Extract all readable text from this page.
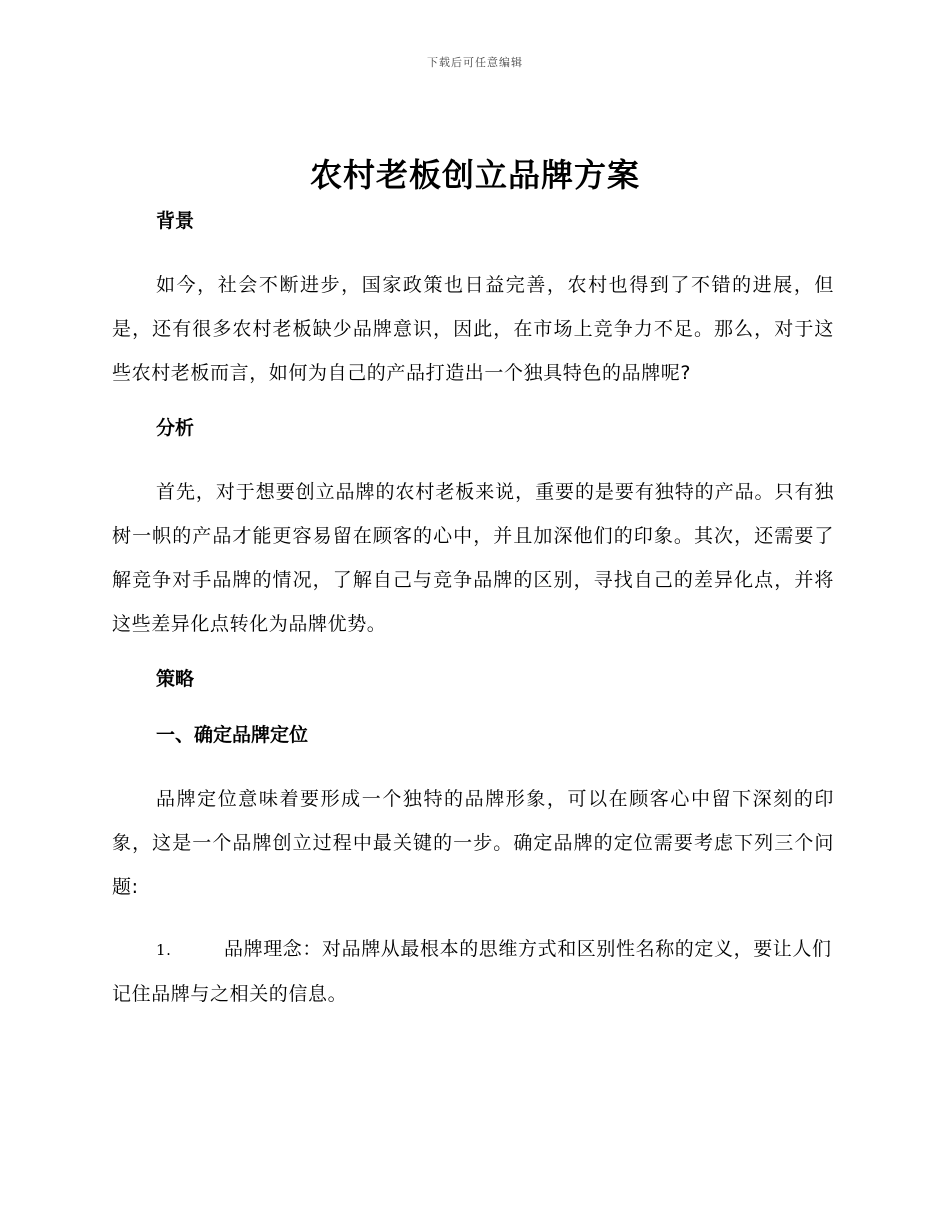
下载后可任意编辑
农村老板创立品牌方案

背景

如今，社会不断进步，国家政策也日益完善，农村也得到了不错的进展，但是，还有很多农村老板缺少品牌意识，因此，在市场上竞争力不足。那么，对于这些农村老板而言，如何为自己的产品打造出一个独具特色的品牌呢?

分析

首先，对于想要创立品牌的农村老板来说，重要的是要有独特的产品。只有独树一帜的产品才能更容易留在顾客的心中，并且加深他们的印象。其次，还需要了解竞争对手品牌的情况，了解自己与竞争品牌的区别，寻找自己的差异化点，并将这些差异化点转化为品牌优势。

策略

一、确定品牌定位

品牌定位意味着要形成一个独特的品牌形象，可以在顾客心中留下深刻的印象，这是一个品牌创立过程中最关键的一步。确定品牌的定位需要考虑下列三个问题:

1.	品牌理念：对品牌从最根本的思维方式和区别性名称的定义，要让人们记住品牌与之相关的信息。
